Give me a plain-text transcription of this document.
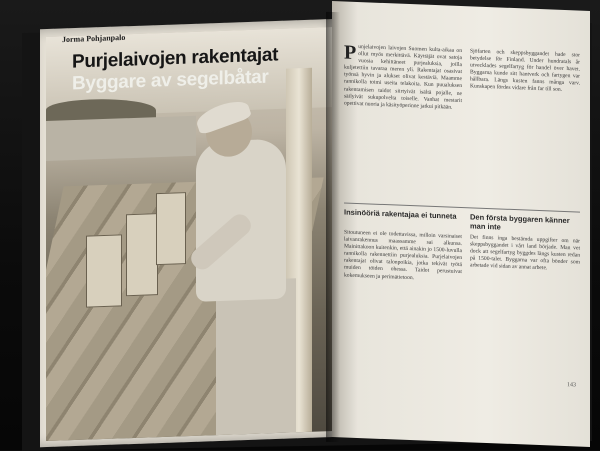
Jorma Pohjanpalo
Purjelaivojen rakentajat
Byggare av segelbåtar
Punjelaivojen laivojen Suomen kulta-aikaa on ollut myös merkittävä. Käyttäjät ovat satoja vuosia kehittäneet purjealuksia, joilla kuljetettiin tavaraa meren yli. Rakentajat osasivat työnsä hyvin ja alukset olivat kestäviä. Maamme rannikolla toimi useita telakoita. Kun puualuksen rakentamisen taidot siirtyivät isältä pojalle, ne säilyivät sukupolvelta toiselle. Vanhat mestarit opettivat nuoria ja käsityöperinne jatkui pitkään.
Sjöfarten och skeppsbyggandet hade stor betydelse för Finland. Under hundratals år utvecklades segelfartyg för handel över havet. Byggarna kunde sitt hantverk och fartygen var hållbara. Längs kusten fanns många varv. Kunskapen fördes vidare från far till son.
Insinööriä rakentajaa ei tunneta	Den första byggaren känner man inte
Sitoutuneen ei ole todettavissa, milloin varsinaiset laivanrakennus maassamme sai alkunsa. Mainittakoon kuitenkin, että ainakin jo 1500-luvulla rannikolla rakennettiin purjealuksia. Purjelaivojen rakentajat olivat talonpoikia, jotka tekivät työtä muiden töiden ohessa. Taidot perustuivat kokemukseen ja perimätietoon.
Det finns inga bestämda uppgifter om när skeppsbyggandet i vårt land började. Man vet dock att segelfartyg byggdes längs kusten redan på 1500-talet. Byggarna var ofta bönder som arbetade vid sidan av annat arbete.
143
